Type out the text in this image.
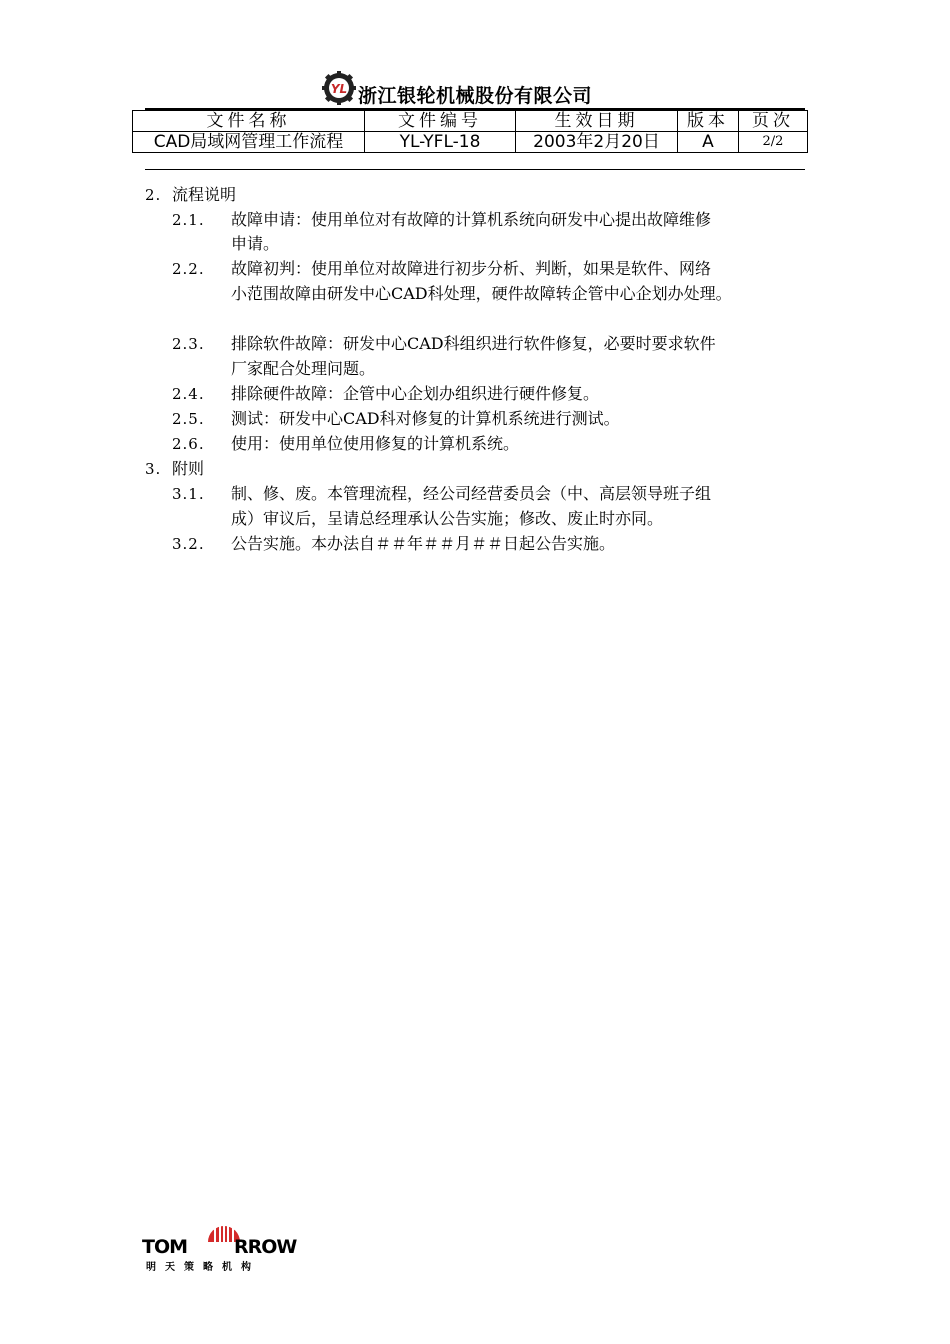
YL 浙江银轮机械股份有限公司
文件名称	文件编号	生效日期	版本	页次
CAD局域网管理工作流程	YL-YFL-18	2003年2月20日	A	2/2
2. 流程说明
2.1. 故障申请：使用单位对有故障的计算机系统向研发中心提出故障维修
申请。
2.2. 故障初判：使用单位对故障进行初步分析、判断，如果是软件、网络
小范围故障由研发中心CAD科处理，硬件故障转企管中心企划办处理。
2.3. 排除软件故障：研发中心CAD科组织进行软件修复，必要时要求软件
厂家配合处理问题。
2.4. 排除硬件故障：企管中心企划办组织进行硬件修复。
2.5. 测试：研发中心CAD科对修复的计算机系统进行测试。
2.6. 使用：使用单位使用修复的计算机系统。
3. 附则
3.1. 制、修、废。本管理流程，经公司经营委员会（中、高层领导班子组
成）审议后，呈请总经理承认公告实施；修改、废止时亦同。
3.2. 公告实施。本办法自＃＃年＃＃月＃＃日起公告实施。
TOM RROW
明天策略机构
